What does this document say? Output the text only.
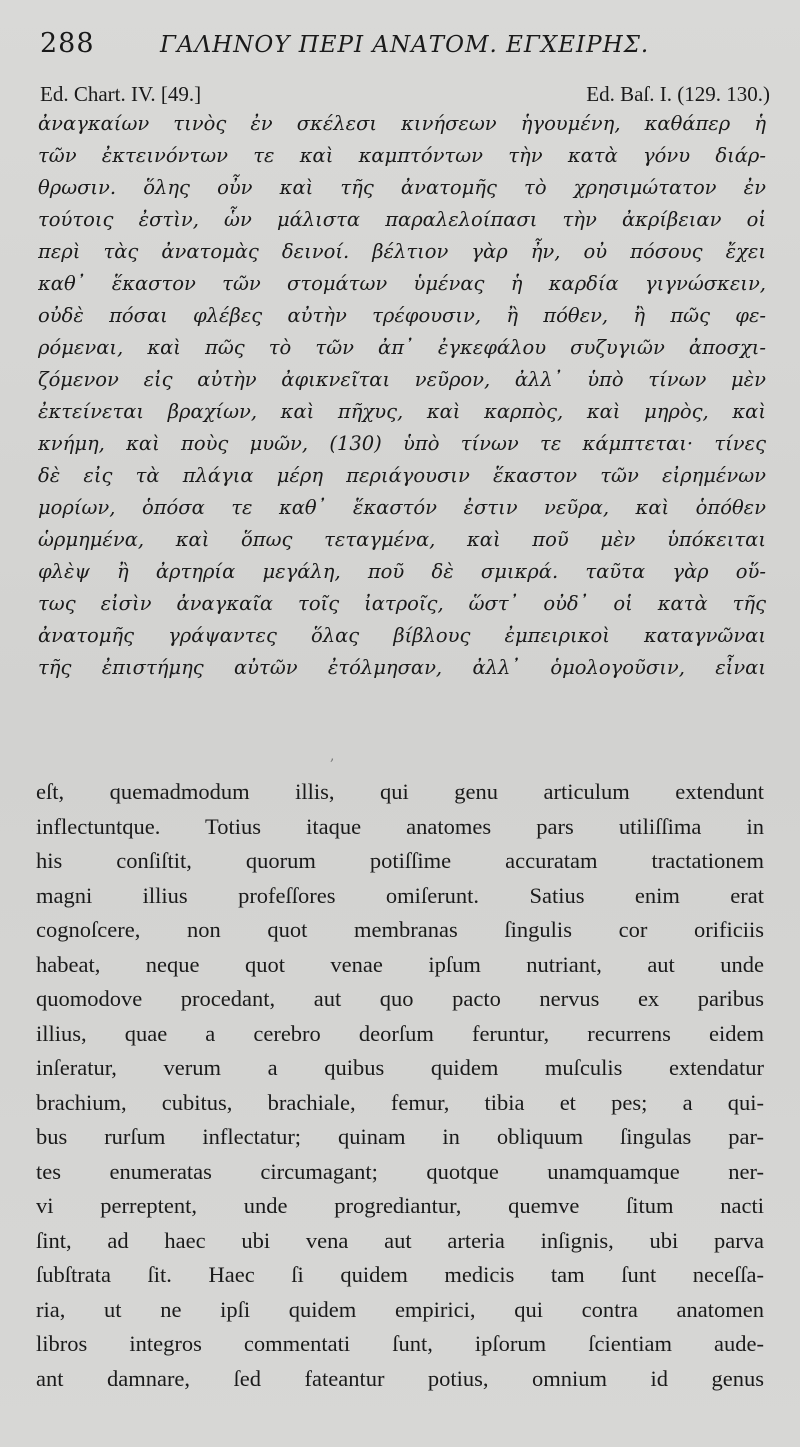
288	ΓΑΛΗΝΟΥ ΠΕΡΙ ΑΝΑΤΟΜ. ΕΓΧΕΙΡΗΣ.
Ed. Chart. IV. [49.]	Ed. Baſ. I. (129. 130.)
ἀναγκαίων τινὸς ἐν σκέλεσι κινήσεων ἡγουμένη, καθάπερ ἡ
τῶν ἐκτεινόντων τε καὶ καμπτόντων τὴν κατὰ γόνυ διάρ-
θρωσιν. ὅλης οὖν καὶ τῆς ἀνατομῆς τὸ χρησιμώτατον ἐν
τούτοις ἐστὶν, ὧν μάλιστα παραλελοίπασι τὴν ἀκρίβειαν οἱ
περὶ τὰς ἀνατομὰς δεινοί. βέλτιον γὰρ ἦν, οὐ πόσους ἔχει
καθ᾽ ἕκαστον τῶν στομάτων ὑμένας ἡ καρδία γιγνώσκειν,
οὐδὲ πόσαι φλέβες αὐτὴν τρέφουσιν, ἢ πόθεν, ἢ πῶς φε-
ρόμεναι, καὶ πῶς τὸ τῶν ἀπ᾽ ἐγκεφάλου συζυγιῶν ἀποσχι-
ζόμενον εἰς αὐτὴν ἀφικνεῖται νεῦρον, ἀλλ᾽ ὑπὸ τίνων μὲν
ἐκτείνεται βραχίων, καὶ πῆχυς, καὶ καρπὸς, καὶ μηρὸς, καὶ
κνήμη, καὶ ποὺς μυῶν, (130) ὑπὸ τίνων τε κάμπτεται· τίνες
δὲ εἰς τὰ πλάγια μέρη περιάγουσιν ἕκαστον τῶν εἰρημένων
μορίων, ὁπόσα τε καθ᾽ ἕκαστόν ἐστιν νεῦρα, καὶ ὁπόθεν
ὡρμημένα, καὶ ὅπως τεταγμένα, καὶ ποῦ μὲν ὑπόκειται
φλὲψ ἢ ἀρτηρία μεγάλη, ποῦ δὲ σμικρά. ταῦτα γὰρ οὕ-
τως εἰσὶν ἀναγκαῖα τοῖς ἰατροῖς, ὥστ᾽ οὐδ᾽ οἱ κατὰ τῆς
ἀνατομῆς γράψαντες ὅλας βίβλους ἐμπειρικοὶ καταγνῶναι
τῆς ἐπιστήμης αὐτῶν ἐτόλμησαν, ἀλλ᾽ ὁμολογοῦσιν, εἶναι
,
eſt, quemadmodum illis, qui genu articulum extendunt
inflectuntque. Totius itaque anatomes pars utiliſſima in
his conſiſtit, quorum potiſſime accuratam tractationem
magni illius profeſſores omiſerunt. Satius enim erat
cognoſcere, non quot membranas ſingulis cor orificiis
habeat, neque quot venae ipſum nutriant, aut unde
quomodove procedant, aut quo pacto nervus ex paribus
illius, quae a cerebro deorſum feruntur, recurrens eidem
inſeratur, verum a quibus quidem muſculis extendatur
brachium, cubitus, brachiale, femur, tibia et pes; a qui-
bus rurſum inflectatur; quinam in obliquum ſingulas par-
tes enumeratas circumagant; quotque unamquamque ner-
vi perreptent, unde progrediantur, quemve ſitum nacti
ſint, ad haec ubi vena aut arteria inſignis, ubi parva
ſubſtrata ſit. Haec ſi quidem medicis tam ſunt neceſſa-
ria, ut ne ipſi quidem empirici, qui contra anatomen
libros integros commentati ſunt, ipſorum ſcientiam aude-
ant damnare, ſed fateantur potius, omnium id genus
